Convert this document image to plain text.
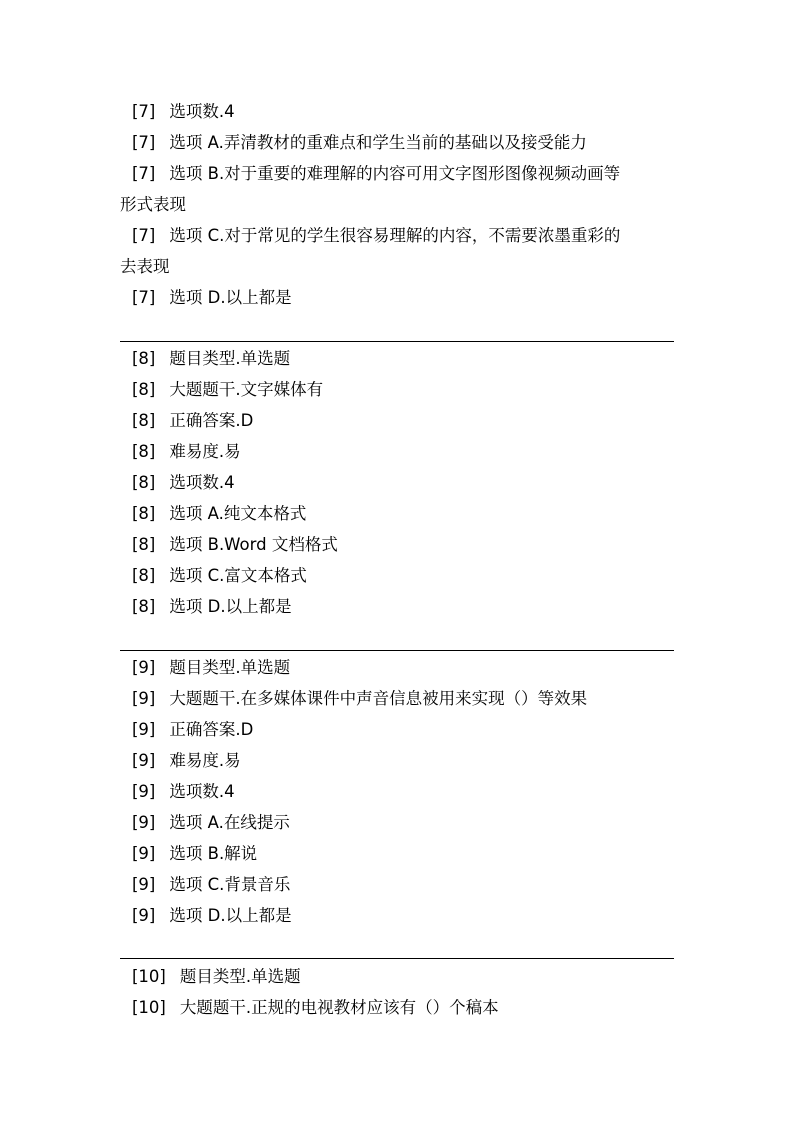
[7] 选项数.4
[7] 选项 A.弄清教材的重难点和学生当前的基础以及接受能力
[7] 选项 B.对于重要的难理解的内容可用文字图形图像视频动画等
形式表现
[7] 选项 C.对于常见的学生很容易理解的内容，不需要浓墨重彩的
去表现
[7] 选项 D.以上都是
[8] 题目类型.单选题
[8] 大题题干.文字媒体有
[8] 正确答案.D
[8] 难易度.易
[8] 选项数.4
[8] 选项 A.纯文本格式
[8] 选项 B.Word 文档格式
[8] 选项 C.富文本格式
[8] 选项 D.以上都是
[9] 题目类型.单选题
[9] 大题题干.在多媒体课件中声音信息被用来实现（）等效果
[9] 正确答案.D
[9] 难易度.易
[9] 选项数.4
[9] 选项 A.在线提示
[9] 选项 B.解说
[9] 选项 C.背景音乐
[9] 选项 D.以上都是
[10] 题目类型.单选题
[10] 大题题干.正规的电视教材应该有（）个稿本
